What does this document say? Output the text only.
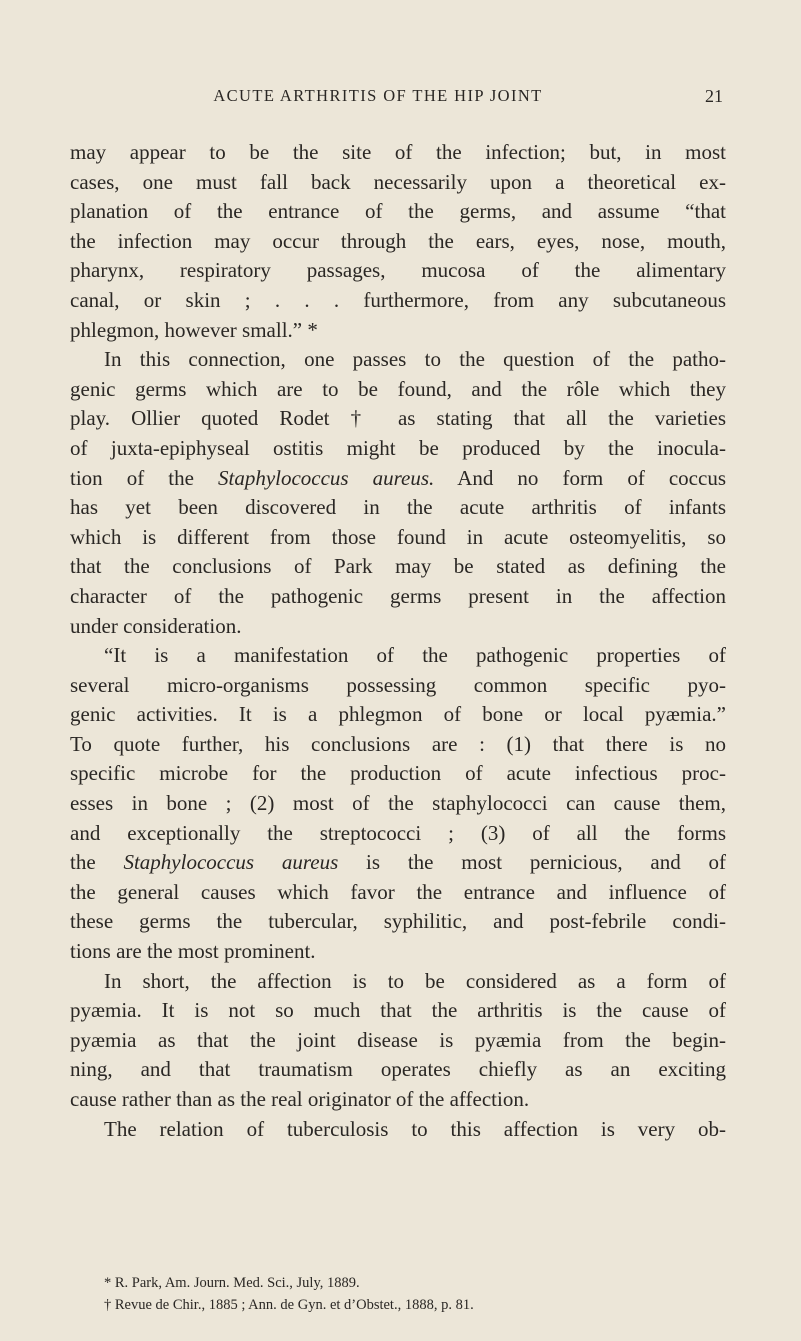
ACUTE ARTHRITIS OF THE HIP JOINT	21
may appear to be the site of the infection; but, in most
cases, one must fall back necessarily upon a theoretical ex-
planation of the entrance of the germs, and assume “that
the infection may occur through the ears, eyes, nose, mouth,
pharynx, respiratory passages, mucosa of the alimentary
canal, or skin ; . . . furthermore, from any subcutaneous
phlegmon, however small.” *
In this connection, one passes to the question of the patho-
genic germs which are to be found, and the rôle which they
play. Ollier quoted Rodet † as stating that all the varieties
of juxta-epiphyseal ostitis might be produced by the inocula-
tion of the Staphylococcus aureus. And no form of coccus
has yet been discovered in the acute arthritis of infants
which is different from those found in acute osteomyelitis, so
that the conclusions of Park may be stated as defining the
character of the pathogenic germs present in the affection
under consideration.
“It is a manifestation of the pathogenic properties of
several micro-organisms possessing common specific pyo-
genic activities. It is a phlegmon of bone or local pyæmia.”
To quote further, his conclusions are : (1) that there is no
specific microbe for the production of acute infectious proc-
esses in bone ; (2) most of the staphylococci can cause them,
and exceptionally the streptococci ; (3) of all the forms
the Staphylococcus aureus is the most pernicious, and of
the general causes which favor the entrance and influence of
these germs the tubercular, syphilitic, and post-febrile condi-
tions are the most prominent.
In short, the affection is to be considered as a form of
pyæmia. It is not so much that the arthritis is the cause of
pyæmia as that the joint disease is pyæmia from the begin-
ning, and that traumatism operates chiefly as an exciting
cause rather than as the real originator of the affection.
The relation of tuberculosis to this affection is very ob-
* R. Park, Am. Journ. Med. Sci., July, 1889.
† Revue de Chir., 1885 ; Ann. de Gyn. et d’Obstet., 1888, p. 81.
